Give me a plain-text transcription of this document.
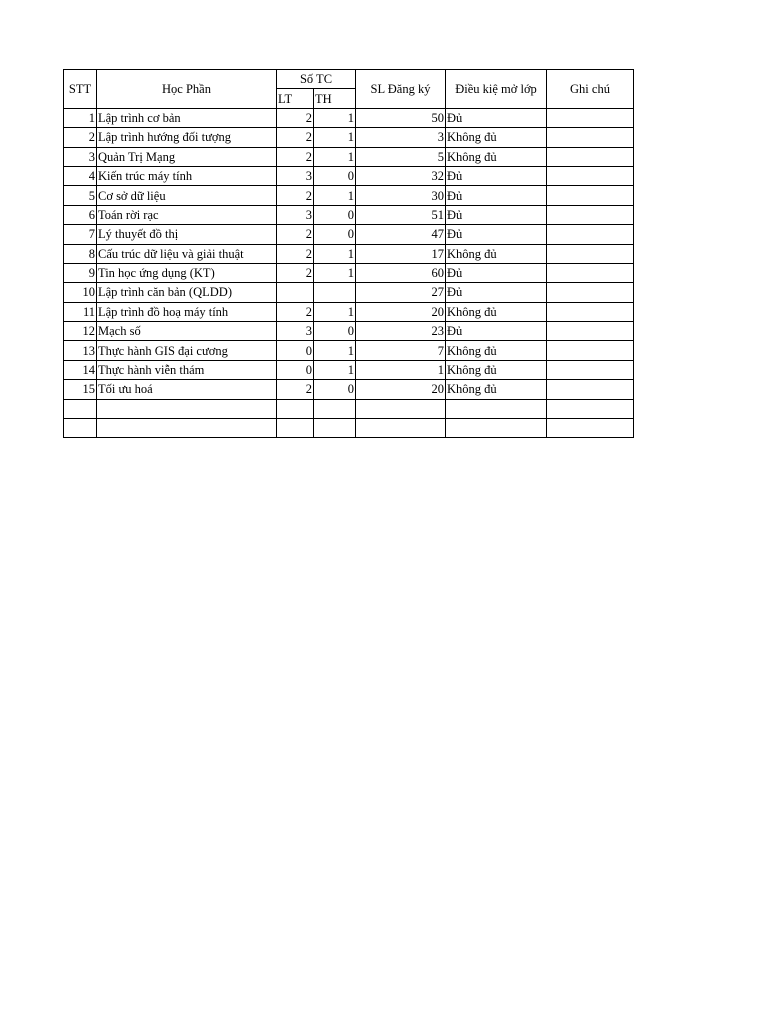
STT	Học Phần	Số TC		SL Đăng ký	Điều kiệ mở lớp	Ghi chú
		LT	TH			
1	Lập trình cơ bản	2	1	50	Đủ	
2	Lập trình hướng đối tượng	2	1	3	Không đủ	
3	Quản Trị Mạng	2	1	5	Không đủ	
4	Kiến trúc máy tính	3	0	32	Đủ	
5	Cơ sở dữ liệu	2	1	30	Đủ	
6	Toán rời rạc	3	0	51	Đủ	
7	Lý thuyết đồ thị	2	0	47	Đủ	
8	Cấu trúc dữ liệu và giải thuật	2	1	17	Không đủ	
9	Tin học ứng dụng (KT)	2	1	60	Đủ	
10	Lập trình căn bản (QLDD)			27	Đủ	
11	Lập trình đồ hoạ máy tính	2	1	20	Không đủ	
12	Mạch số	3	0	23	Đủ	
13	Thực hành GIS đại cương	0	1	7	Không đủ	
14	Thực hành viễn thám	0	1	1	Không đủ	
15	Tối ưu hoá	2	0	20	Không đủ	
